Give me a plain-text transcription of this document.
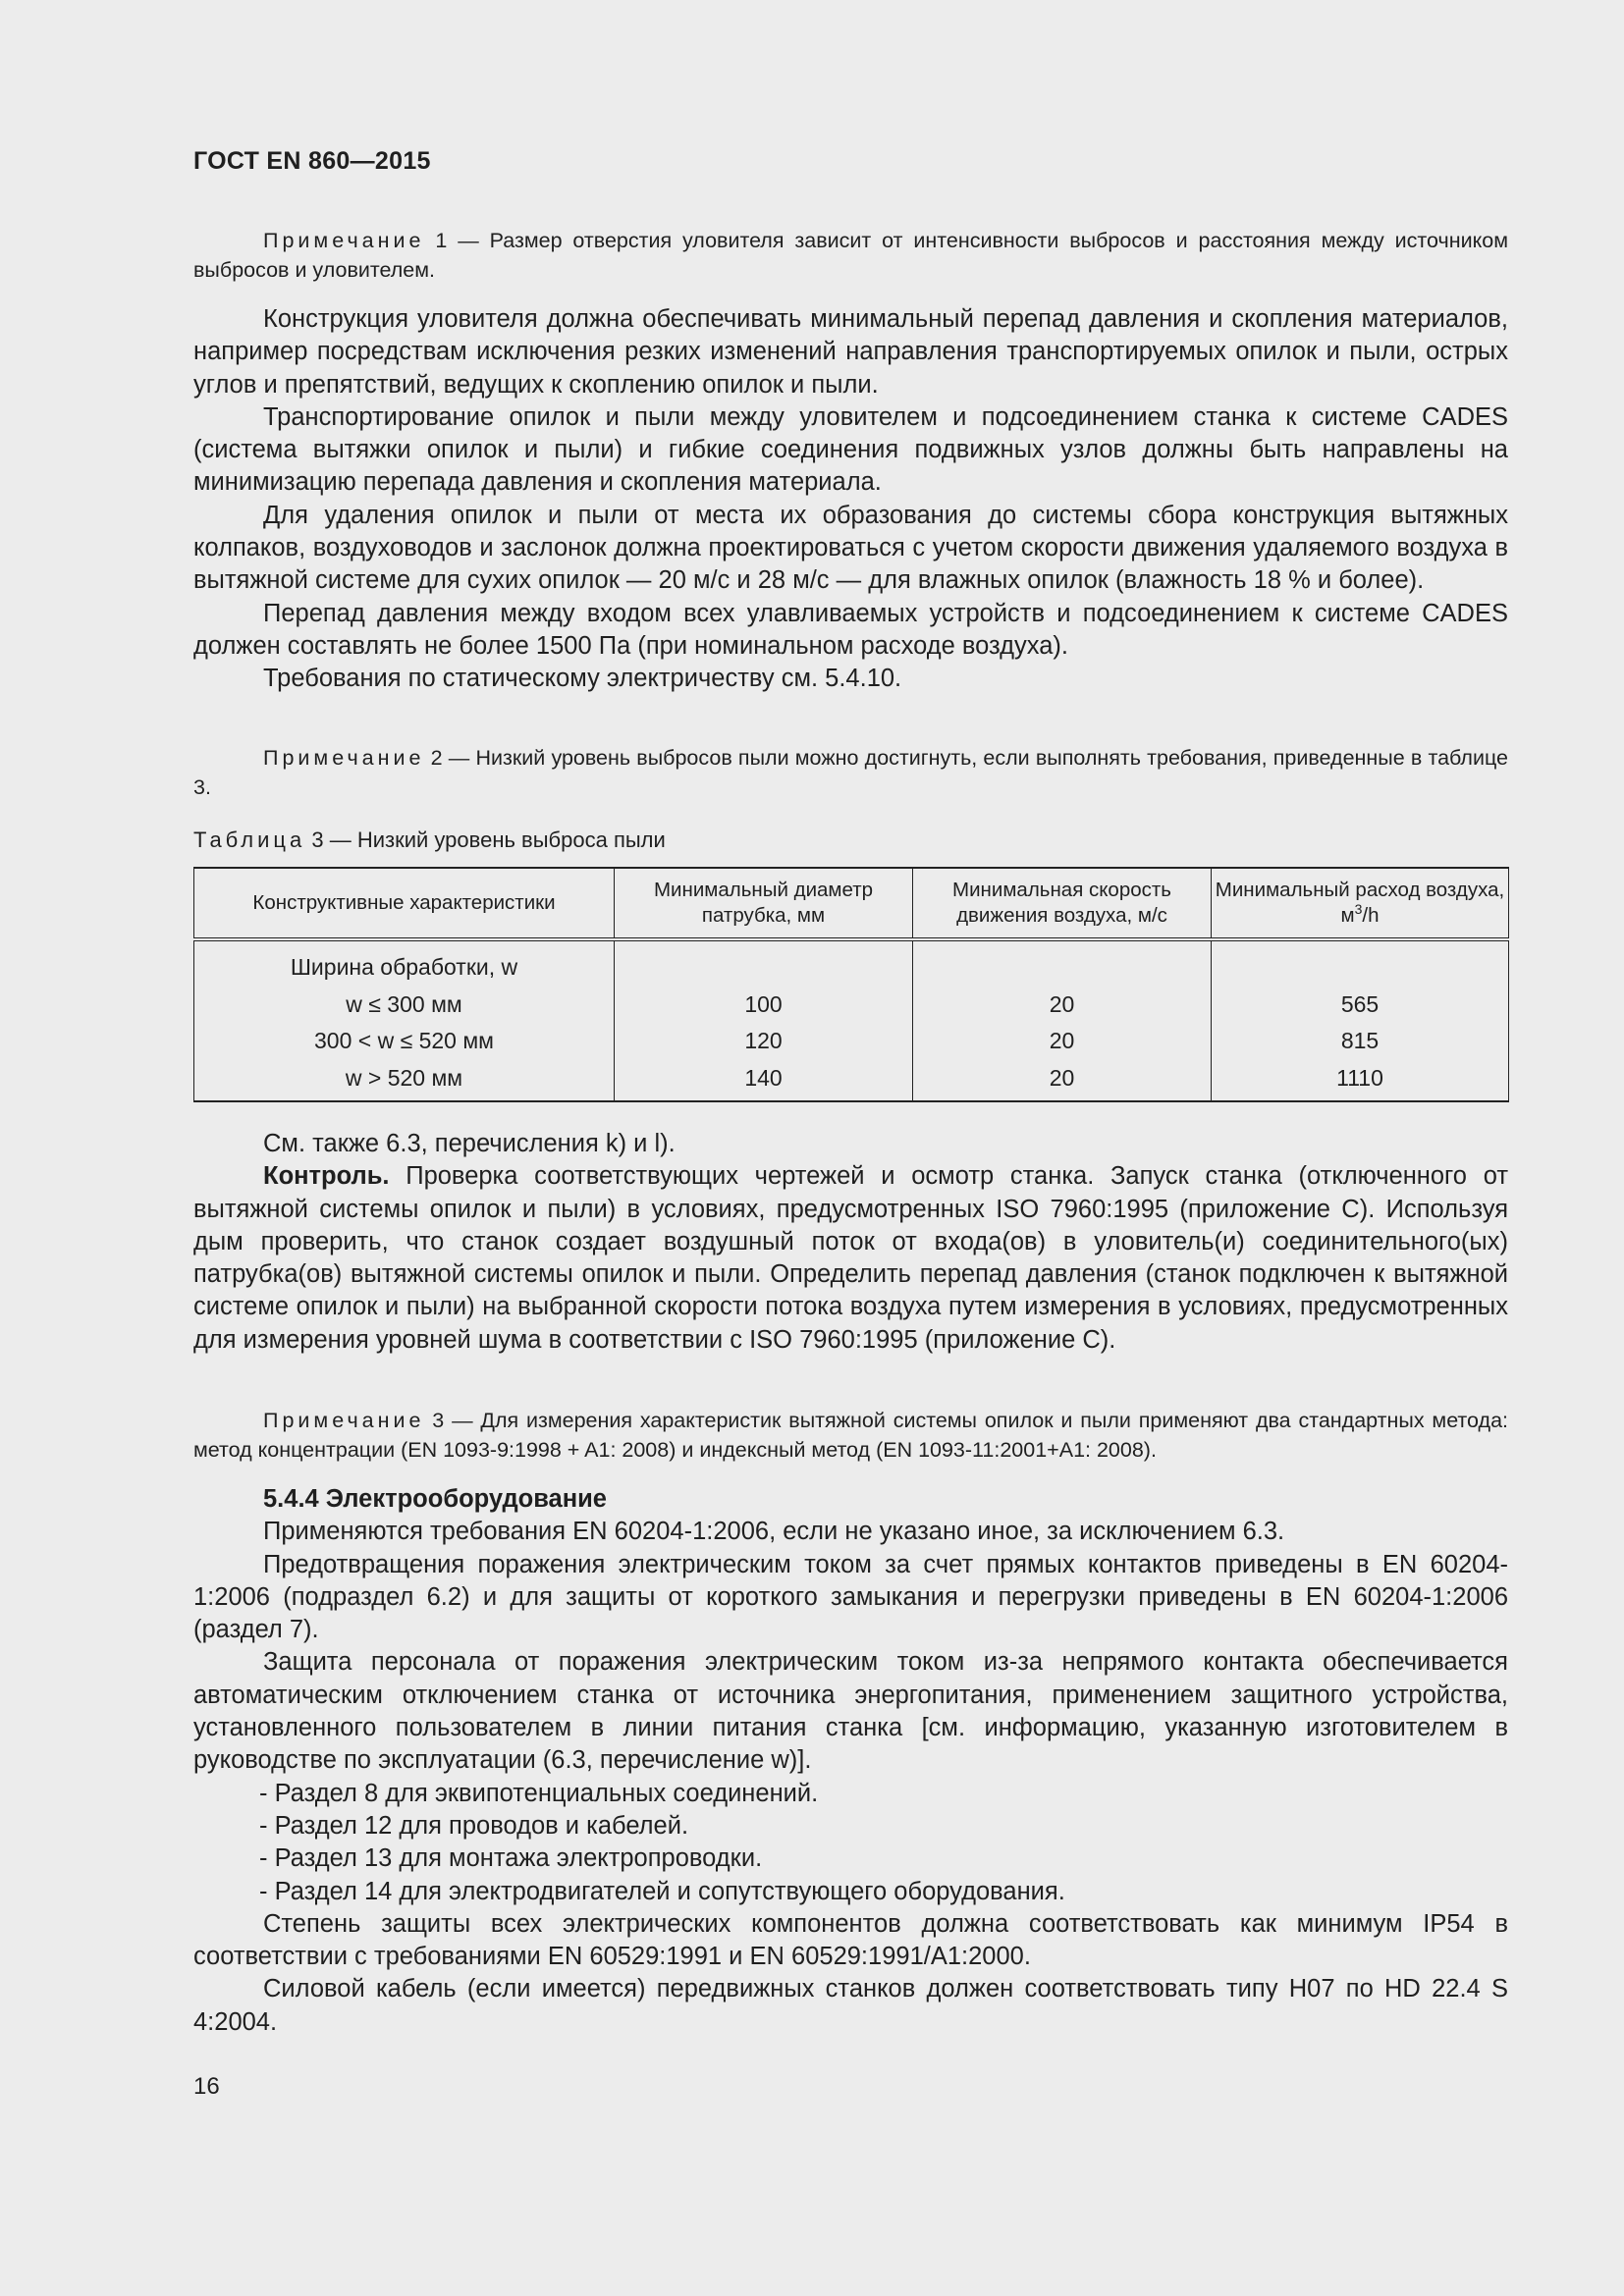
ГОСТ EN 860—2015

Примечание 1 — Размер отверстия уловителя зависит от интенсивности выбросов и расстояния между источником выбросов и уловителем.

Конструкция уловителя должна обеспечивать минимальный перепад давления и скопления материалов, например посредствам исключения резких изменений направления транспортируемых опилок и пыли, острых углов и препятствий, ведущих к скоплению опилок и пыли.

Транспортирование опилок и пыли между уловителем и подсоединением станка к системе CADES (система вытяжки опилок и пыли) и гибкие соединения подвижных узлов должны быть направлены на минимизацию перепада давления и скопления материала.

Для удаления опилок и пыли от места их образования до системы сбора конструкция вытяжных колпаков, воздуховодов и заслонок должна проектироваться с учетом скорости движения удаляемого воздуха в вытяжной системе для сухих опилок — 20 м/с и 28 м/с — для влажных опилок (влажность 18 % и более).

Перепад давления между входом всех улавливаемых устройств и подсоединением к системе CADES должен составлять не более 1500 Па (при номинальном расходе воздуха).

Требования по статическому электричеству см. 5.4.10.

Примечание 2 — Низкий уровень выбросов пыли можно достигнуть, если выполнять требования, приведенные в таблице 3.

Таблица 3 — Низкий уровень выброса пыли

Конструктивные характеристики	Минимальный диаметр патрубка, мм	Минимальная скорость движения воздуха, м/с	Минимальный расход воздуха, $м^3/h$
Ширина обработки, w			
w ≤ 300 мм	100	20	565
300 < w ≤ 520 мм	120	20	815
w > 520 мм	140	20	1110

См. также 6.3, перечисления k) и l).

Контроль. Проверка соответствующих чертежей и осмотр станка. Запуск станка (отключенного от вытяжной системы опилок и пыли) в условиях, предусмотренных ISO 7960:1995 (приложение С). Используя дым проверить, что станок создает воздушный поток от входа(ов) в уловитель(и) соединительного(ых) патрубка(ов) вытяжной системы опилок и пыли. Определить перепад давления (станок подключен к вытяжной системе опилок и пыли) на выбранной скорости потока воздуха путем измерения в условиях, предусмотренных для измерения уровней шума в соответствии с ISO 7960:1995 (приложение С).

Примечание 3 — Для измерения характеристик вытяжной системы опилок и пыли применяют два стандартных метода: метод концентрации (EN 1093-9:1998 + A1: 2008) и индексный метод (EN 1093-11:2001+A1: 2008).

5.4.4 Электрооборудование

Применяются требования EN 60204-1:2006, если не указано иное, за исключением 6.3.

Предотвращения поражения электрическим током за счет прямых контактов приведены в EN 60204-1:2006 (подраздел 6.2) и для защиты от короткого замыкания и перегрузки приведены в EN 60204-1:2006 (раздел 7).

Защита персонала от поражения электрическим током из-за непрямого контакта обеспечивается автоматическим отключением станка от источника энергопитания, применением защитного устройства, установленного пользователем в линии питания станка [см. информацию, указанную изготовителем в руководстве по эксплуатации (6.3, перечисление w)].

- Раздел 8 для эквипотенциальных соединений.

- Раздел 12 для проводов и кабелей.

- Раздел 13 для монтажа электропроводки.

- Раздел 14 для электродвигателей и сопутствующего оборудования.

Степень защиты всех электрических компонентов должна соответствовать как минимум IP54 в соответствии с требованиями EN 60529:1991 и EN 60529:1991/A1:2000.

Силовой кабель (если имеется) передвижных станков должен соответствовать типу H07 по HD 22.4 S 4:2004.

16
